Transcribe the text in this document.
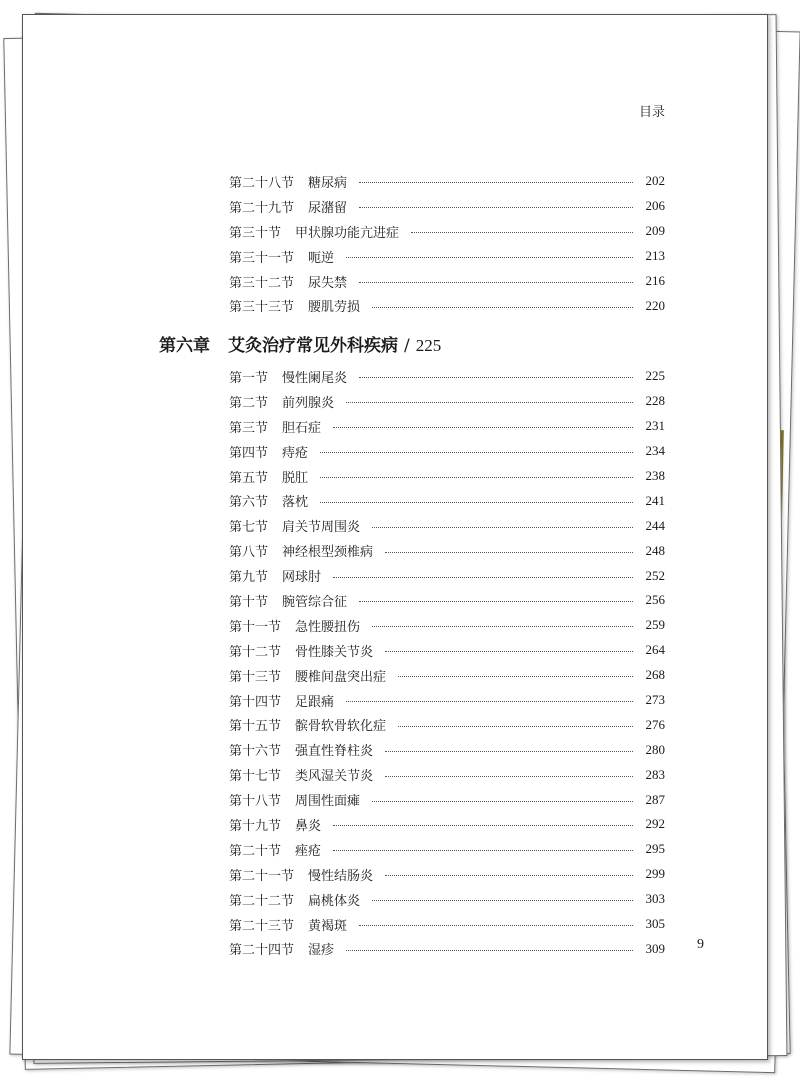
目录
第二十八节 糖尿病	202
第二十九节 尿潴留	206
第三十节 甲状腺功能亢进症	209
第三十一节 呃逆	213
第三十二节 尿失禁	216
第三十三节 腰肌劳损	220
第六章 艾灸治疗常见外科疾病 / 225
第一节 慢性阑尾炎	225
第二节 前列腺炎	228
第三节 胆石症	231
第四节 痔疮	234
第五节 脱肛	238
第六节 落枕	241
第七节 肩关节周围炎	244
第八节 神经根型颈椎病	248
第九节 网球肘	252
第十节 腕管综合征	256
第十一节 急性腰扭伤	259
第十二节 骨性膝关节炎	264
第十三节 腰椎间盘突出症	268
第十四节 足跟痛	273
第十五节 髌骨软骨软化症	276
第十六节 强直性脊柱炎	280
第十七节 类风湿关节炎	283
第十八节 周围性面瘫	287
第十九节 鼻炎	292
第二十节 痤疮	295
第二十一节 慢性结肠炎	299
第二十二节 扁桃体炎	303
第二十三节 黄褐斑	305
第二十四节 湿疹	309 9
